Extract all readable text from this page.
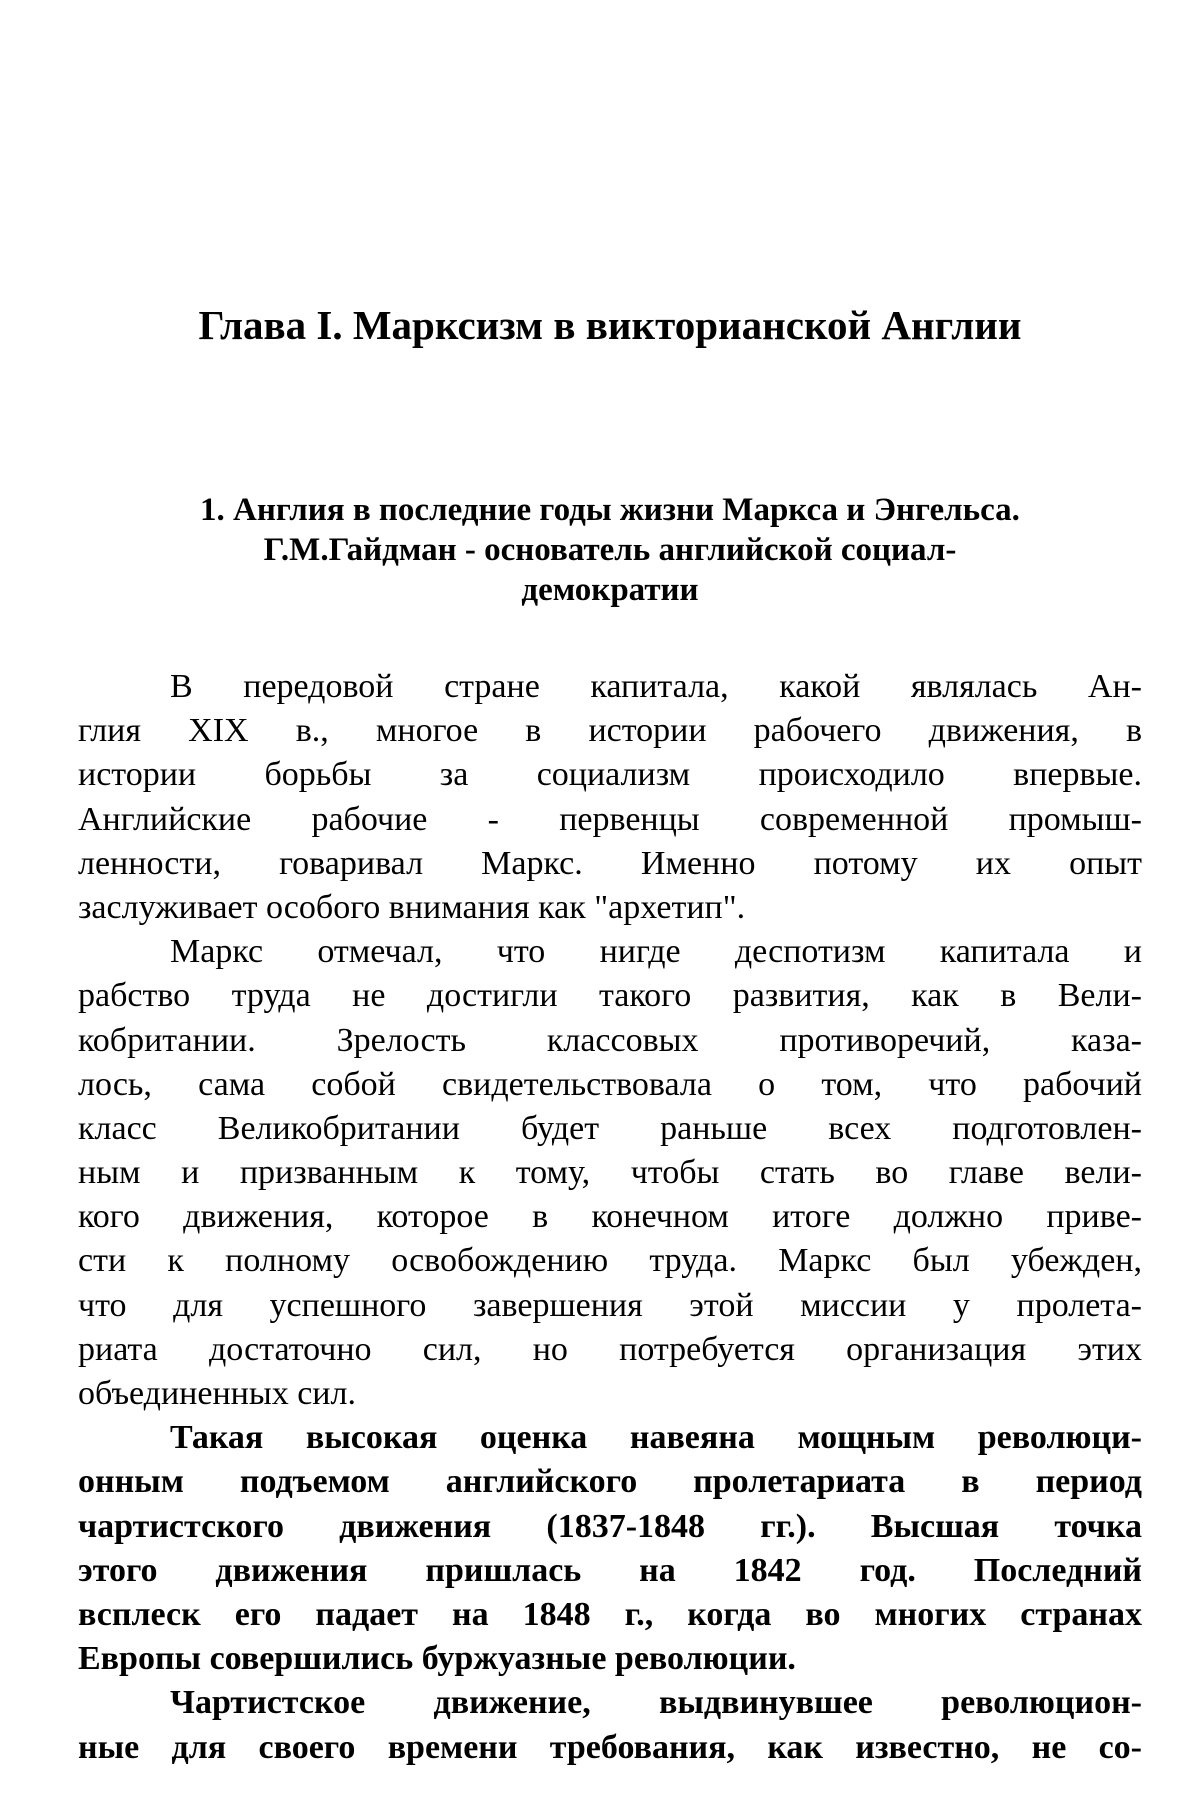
Глава I. Марксизм в викторианской Англии
1. Англия в последние годы жизни Маркса и Энгельса.
Г.М.Гайдман - основатель английской социал-
демократии
В передовой стране капитала, какой являлась Ан-
глия XIX в., многое в истории рабочего движения, в
истории борьбы за социализм происходило впервые.
Английские рабочие - первенцы современной промыш-
ленности, говаривал Маркс. Именно потому их опыт
заслуживает особого внимания как "архетип".
Маркс отмечал, что нигде деспотизм капитала и
рабство труда не достигли такого развития, как в Вели-
кобритании. Зрелость классовых противоречий, каза-
лось, сама собой свидетельствовала о том, что рабочий
класс Великобритании будет раньше всех подготовлен-
ным и призванным к тому, чтобы стать во главе вели-
кого движения, которое в конечном итоге должно приве-
сти к полному освобождению труда. Маркс был убежден,
что для успешного завершения этой миссии у пролета-
риата достаточно сил, но потребуется организация этих
объединенных сил.
Такая высокая оценка навеяна мощным революци-
онным подъемом английского пролетариата в период
чартистского движения (1837-1848 гг.). Высшая точка
этого движения пришлась на 1842 год. Последний
всплеск его падает на 1848 г., когда во многих странах
Европы совершились буржуазные революции.
Чартистское движение, выдвинувшее революцион-
ные для своего времени требования, как известно, не со-
